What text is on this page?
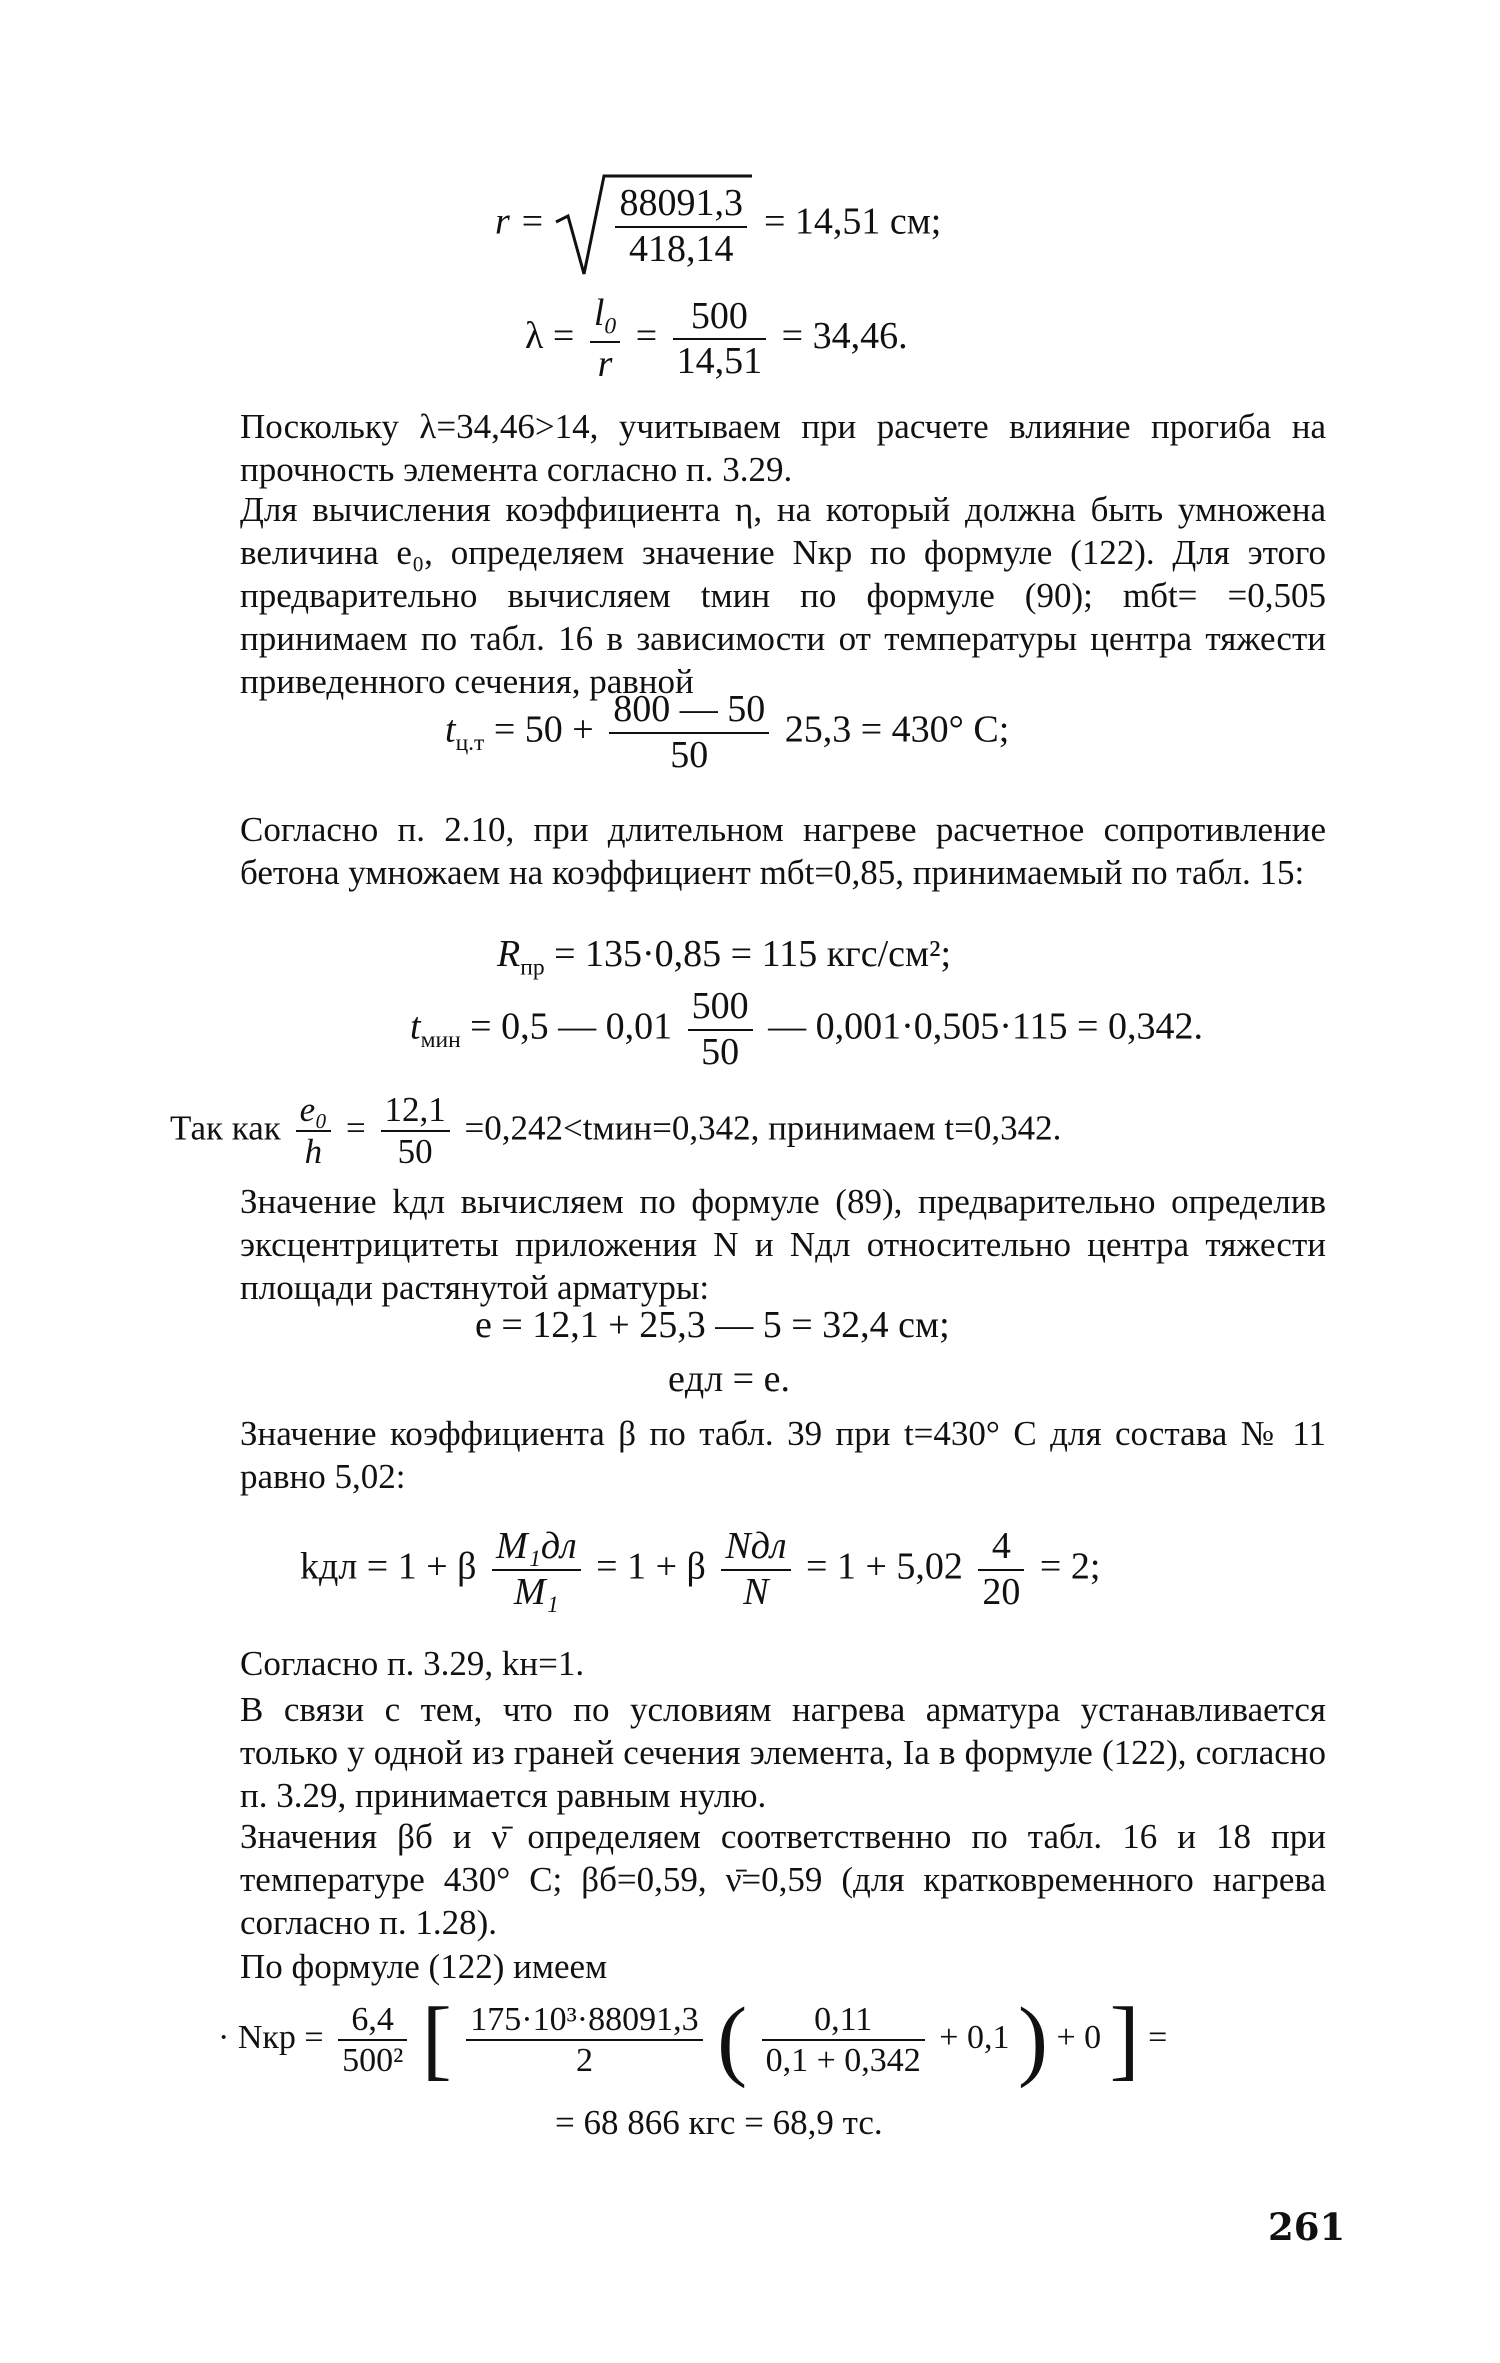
$r = \frac{88091,3}{418,14} = 14,51$ см;
$\lambda = \frac{l_0}{r} = \frac{500}{14,51} = 34,46$.

Поскольку λ=34,46>14, учитываем при расчете влияние прогиба на прочность элемента согласно п. 3.29.

Для вычисления коэффициента η, на который должна быть умножена величина e₀, определяем значение Nкр по формуле (122). Для этого предварительно вычисляем tмин по формуле (90); mбt= =0,505 принимаем по табл. 16 в зависимости от температуры центра тяжести приведенного сечения, равной

$t_{ц.т} = 50 + \frac{800 — 50}{50} 25,3 = 430^\circ$ С;

Согласно п. 2.10, при длительном нагреве расчетное сопротивление бетона умножаем на коэффициент mбt=0,85, принимаемый по табл. 15:

$R_{пр} = 135\cdot 0,85 = 115$ кгс/см²;
$t_{мин} = 0,5$ — $0,01 \frac{500}{50}$ — 0,001·0,505·115 = 0,342.
Так как $\frac{\text{e₀}}{h} = \frac{12,1}{50}$ =0,242<tмин=0,342, принимаем t=0,342.

Значение kдл вычисляем по формуле (89), предварительно определив эксцентрицитеты приложения N и Nдл относительно центра тяжести площади растянутой арматуры:

e = 12,1 + 25,3 — 5 = 32,4 см;
eдл = e.

Значение коэффициента β по табл. 39 при t=430° С для состава № 11 равно 5,02:

kдл = 1 + β $\frac{\text{M₁дл}}{\text{M₁}} = 1 + \beta \frac{\text{Nдл}}{N} = 1 + 5,02 \frac{4}{20} = 2$;

Согласно п. 3.29, kн=1.

В связи с тем, что по условиям нагрева арматура устанавливается только у одной из граней сечения элемента, Iа в формуле (122), согласно п. 3.29, принимается равным нулю.

Значения βб и ν̄ определяем соответственно по табл. 16 и 18 при температуре 430° С; βб=0,59, ν̄=0,59 (для кратковременного нагрева согласно п. 1.28).

По формуле (122) имеем

· Nкр = $\frac{6,4}{\text{500²}}$ [ $\frac{\text{175·10³·88091,3}}{2}$ ( $\frac{0,11}{0,1 + 0,342} + 0,1$ ) + 0 ] =
= 68 866 кгс = 68,9 тс.
261
